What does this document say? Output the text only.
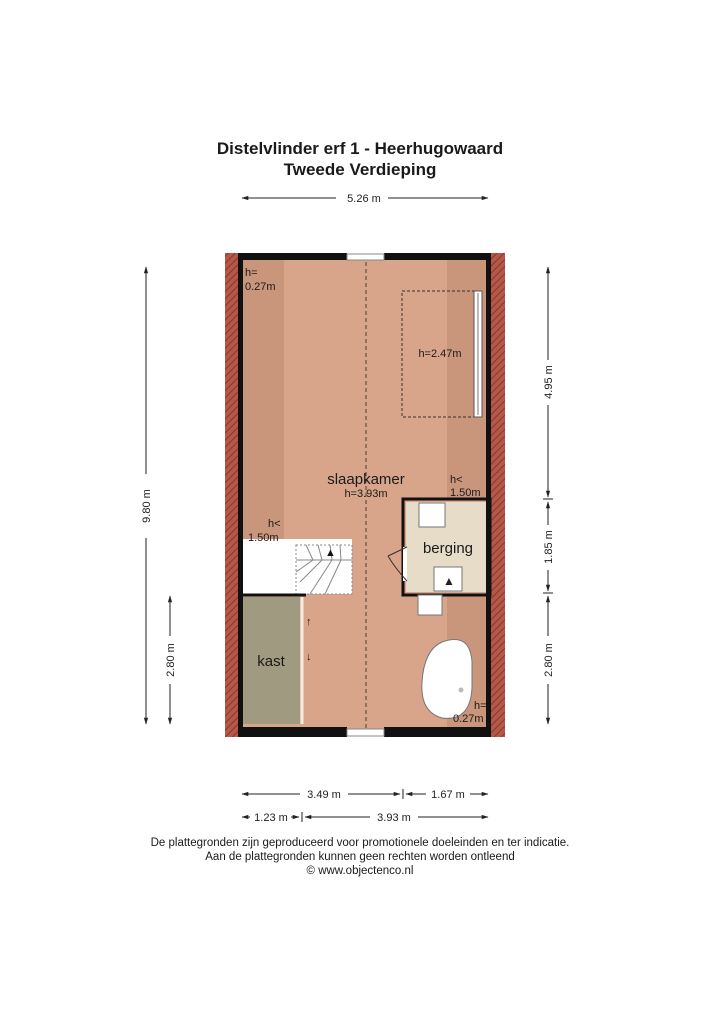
Distelvlinder erf 1 - Heerhugowaard
Tweede Verdieping
↑
↓
▲
▲
slaapkamer
h=3.93m
berging
kast
h=
0.27m
h=2.47m
h<
1.50m
h<
1.50m
h=
0.27m
5.26 m
9.80 m
2.80 m
4.95 m
1.85 m
2.80 m
3.49 m	1.67 m
1.23 m	3.93 m
De plattegronden zijn geproduceerd voor promotionele doeleinden en ter indicatie.
Aan de plattegronden kunnen geen rechten worden ontleend
© www.objectenco.nl
